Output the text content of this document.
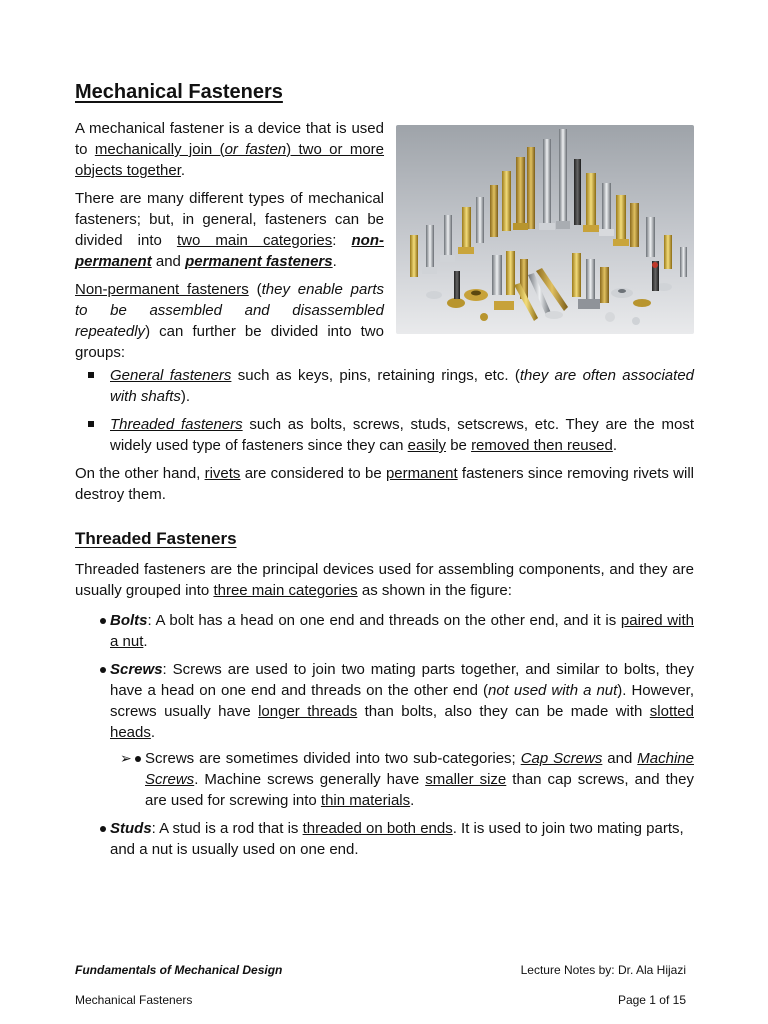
Mechanical Fasteners

A mechanical fastener is a device that is used to mechanically join (or fasten) two or more objects together.

There are many different types of mechanical fasteners; but, in general, fasteners can be divided into two main categories: non-permanent and permanent fasteners.

Non-permanent fasteners (they enable parts to be assembled and disassembled repeatedly) can further be divided into two groups:

General fasteners such as keys, pins, retaining rings, etc. (they are often associated with shafts).
Threaded fasteners such as bolts, screws, studs, setscrews, etc. They are the most widely used type of fasteners since they can easily be removed then reused.

On the other hand, rivets are considered to be permanent fasteners since removing rivets will destroy them.

Threaded Fasteners

Threaded fasteners are the principal devices used for assembling components, and they are usually grouped into three main categories as shown in the figure:

Bolts: A bolt has a head on one end and threads on the other end, and it is paired with a nut.
Screws: Screws are used to join two mating parts together, and similar to bolts, they have a head on one end and threads on the other end (not used with a nut). However, screws usually have longer threads than bolts, also they can be made with slotted heads.
➢ Screws are sometimes divided into two sub-categories; Cap Screws and Machine Screws. Machine screws generally have smaller size than cap screws, and they are used for screwing into thin materials.
Studs: A stud is a rod that is threaded on both ends. It is used to join two mating parts, and a nut is usually used on one end.
Fundamentals of Mechanical Design	Lecture Notes by: Dr. Ala Hijazi
Mechanical Fasteners	Page 1 of 15
